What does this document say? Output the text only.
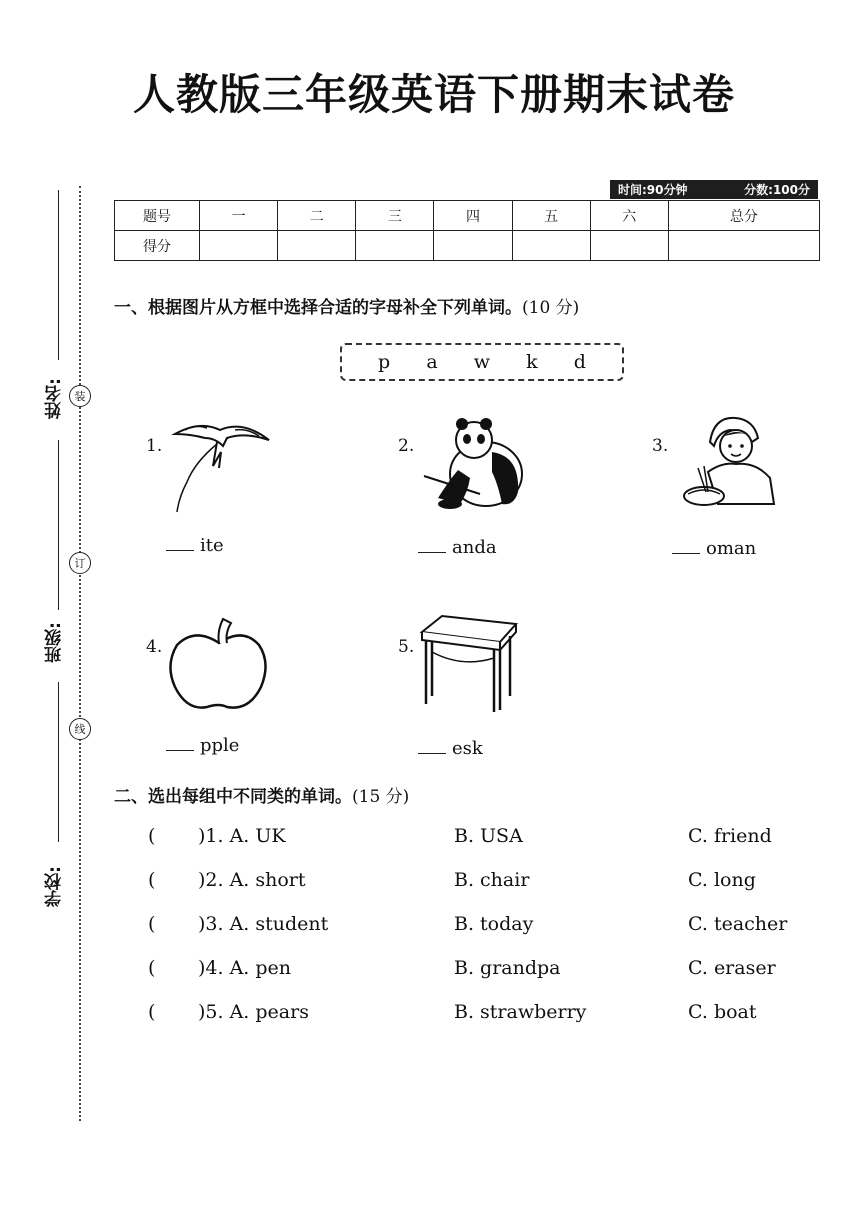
人教版三年级英语下册期末试卷
姓名:
班级:
学校:
装
订
线
时间:90分钟	分数:100分
题号	一	二	三	四	五	六	总分
得分							
一、根据图片从方框中选择合适的字母补全下列单词。(10 分)
p a w k d
1.
ite
2.
anda
3.
oman
4.
pple
5.
esk
二、选出每组中不同类的单词。(15 分)
( )1. A. UK	B. USA	C. friend
( )2. A. short	B. chair	C. long
( )3. A. student	B. today	C. teacher
( )4. A. pen	B. grandpa	C. eraser
( )5. A. pears	B. strawberry	C. boat
